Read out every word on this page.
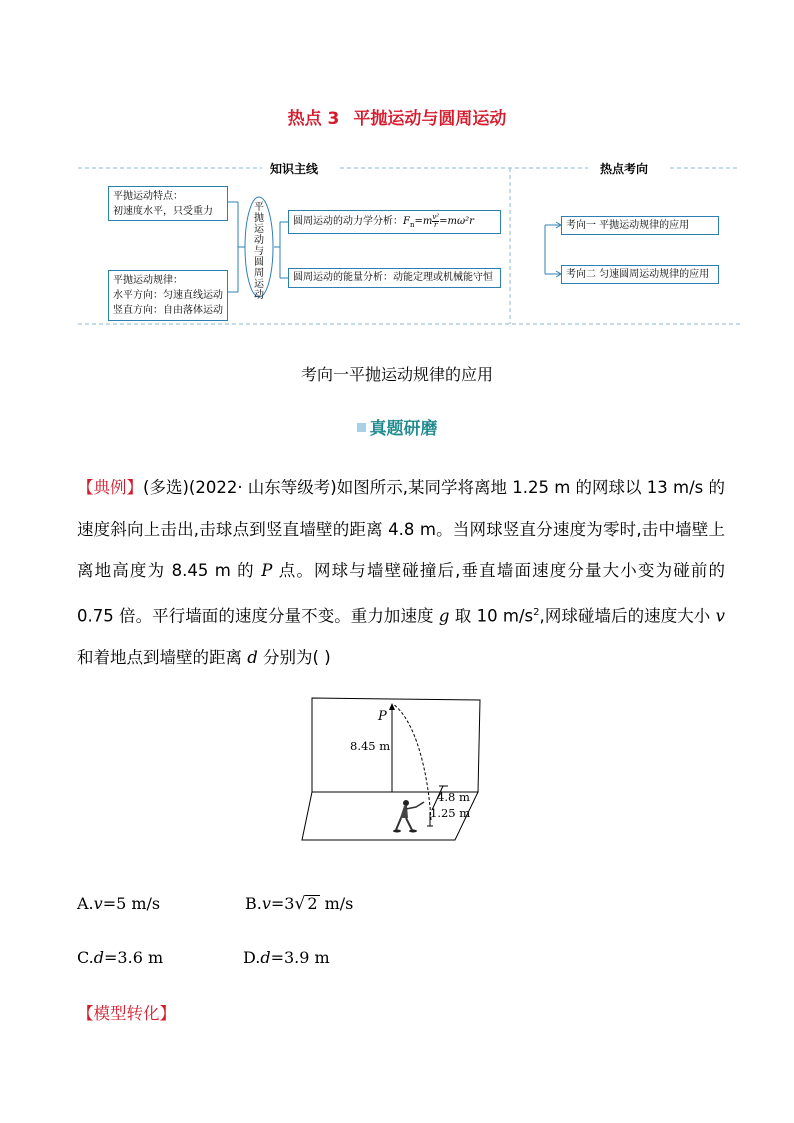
热点 3 平抛运动与圆周运动
知识主线	热点考向
平抛运动与圆周运动
平抛运动特点：
初速度水平，只受重力
平抛运动规律：
水平方向：匀速直线运动
竖直方向：自由落体运动
圆周运动的动力学分析：$F_n=m \frac{\text{v²}}{r} =m\omega^2r$
圆周运动的能量分析：动能定理或机械能守恒
考向一 平抛运动规律的应用
考向二 匀速圆周运动规律的应用
考向一平抛运动规律的应用
真题研磨
【典例】(多选)(2022· 山东等级考)如图所示,某同学将离地 1.25 m 的网球以 13 m/s 的速度斜向上击出,击球点到竖直墙壁的距离 4.8 m。当网球竖直分速度为零时,击中墙壁上离地高度为 8.45 m 的 P 点。网球与墙壁碰撞后,垂直墙面速度分量大小变为碰前的 0.75 倍。平行墙面的速度分量不变。重力加速度 g 取 10 $m/s^2$,网球碰墙后的速度大小 v 和着地点到墙壁的距离 d 分别为( )
P
8.45 m
4.8 m
1.25 m
A.v=5 m/s	B.v=3√ 2 m/s
C.d=3.6 m	D.d=3.9 m
【模型转化】
